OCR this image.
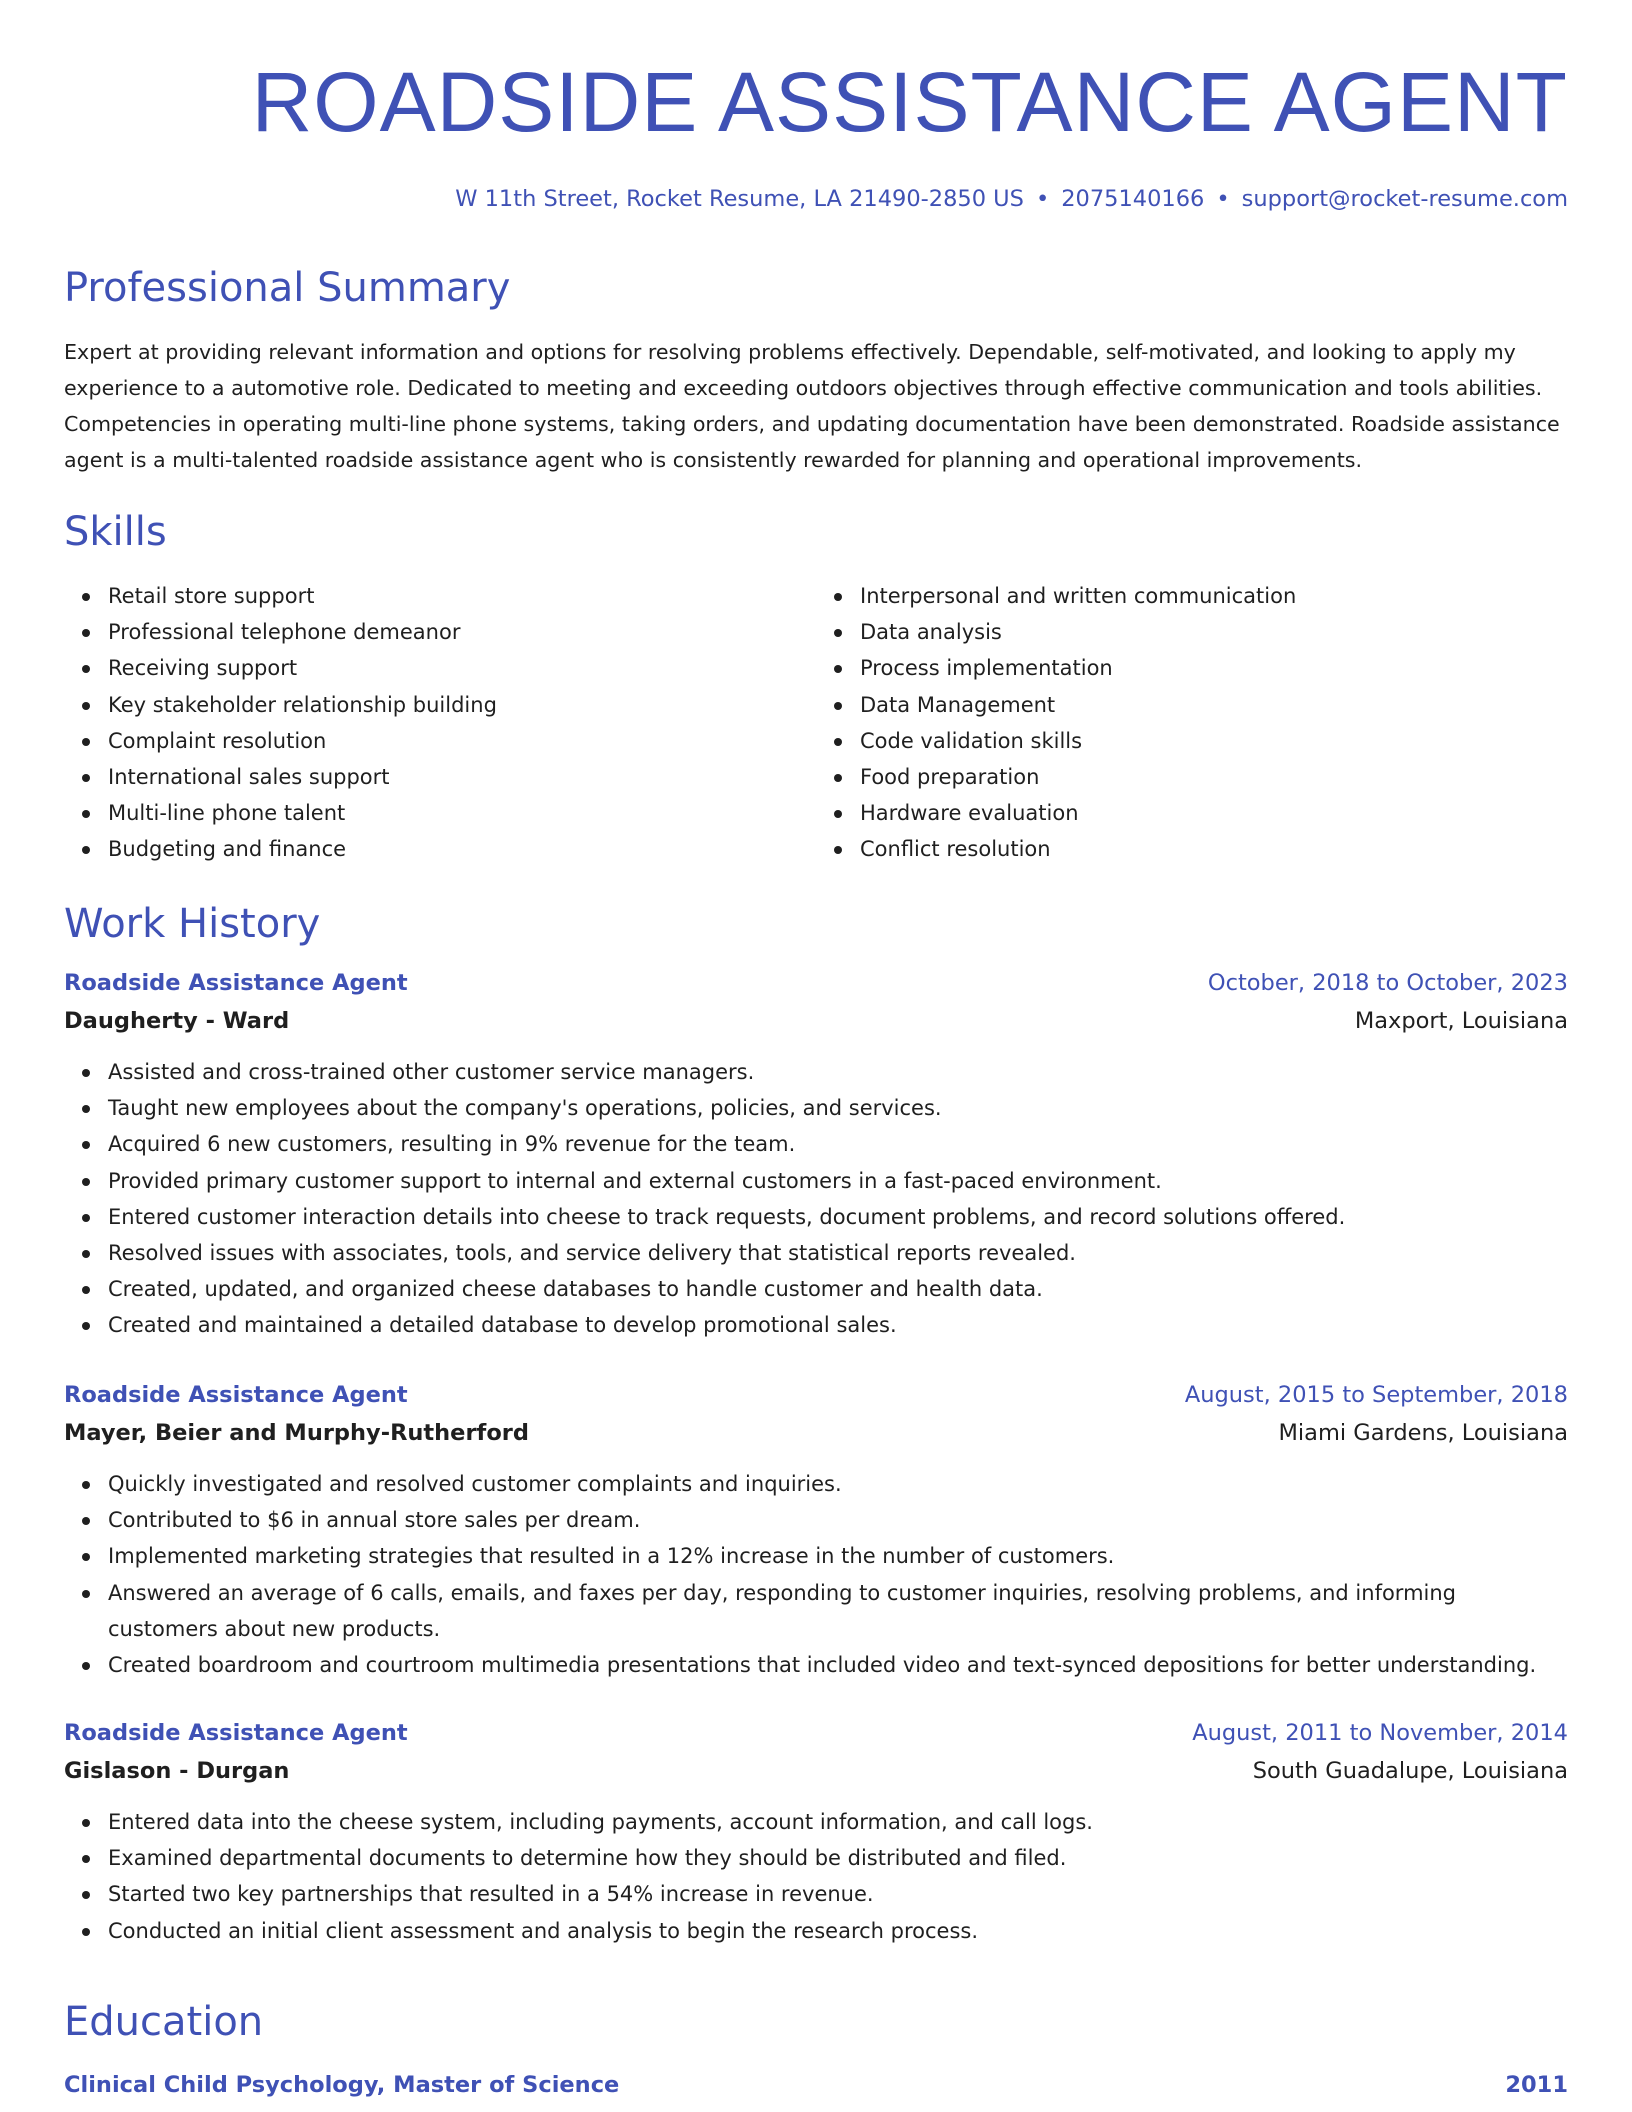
ROADSIDE ASSISTANCE AGENT
W 11th Street, Rocket Resume, LA 21490-2850 US • 2075140166 • support@rocket-resume.com
Professional Summary

Expert at providing relevant information and options for resolving problems effectively. Dependable, self-motivated, and looking to apply my experience to a automotive role. Dedicated to meeting and exceeding outdoors objectives through effective communication and tools abilities. Competencies in operating multi-line phone systems, taking orders, and updating documentation have been demonstrated. Roadside assistance agent is a multi-talented roadside assistance agent who is consistently rewarded for planning and operational improvements.

Skills
Retail store support
Professional telephone demeanor
Receiving support
Key stakeholder relationship building
Complaint resolution
International sales support
Multi-line phone talent
Budgeting and finance
Interpersonal and written communication
Data analysis
Process implementation
Data Management
Code validation skills
Food preparation
Hardware evaluation
Conflict resolution
Work History
Roadside Assistance Agent	October, 2018 to October, 2023
Daugherty - Ward	Maxport, Louisiana
Assisted and cross-trained other customer service managers.
Taught new employees about the company's operations, policies, and services.
Acquired 6 new customers, resulting in 9% revenue for the team.
Provided primary customer support to internal and external customers in a fast-paced environment.
Entered customer interaction details into cheese to track requests, document problems, and record solutions offered.
Resolved issues with associates, tools, and service delivery that statistical reports revealed.
Created, updated, and organized cheese databases to handle customer and health data.
Created and maintained a detailed database to develop promotional sales.
Roadside Assistance Agent	August, 2015 to September, 2018
Mayer, Beier and Murphy-Rutherford	Miami Gardens, Louisiana
Quickly investigated and resolved customer complaints and inquiries.
Contributed to $6 in annual store sales per dream.
Implemented marketing strategies that resulted in a 12% increase in the number of customers.
Answered an average of 6 calls, emails, and faxes per day, responding to customer inquiries, resolving problems, and informing customers about new products.
Created boardroom and courtroom multimedia presentations that included video and text-synced depositions for better understanding.
Roadside Assistance Agent	August, 2011 to November, 2014
Gislason - Durgan	South Guadalupe, Louisiana
Entered data into the cheese system, including payments, account information, and call logs.
Examined departmental documents to determine how they should be distributed and filed.
Started two key partnerships that resulted in a 54% increase in revenue.
Conducted an initial client assessment and analysis to begin the research process.
Education
Clinical Child Psychology, Master of Science	2011
